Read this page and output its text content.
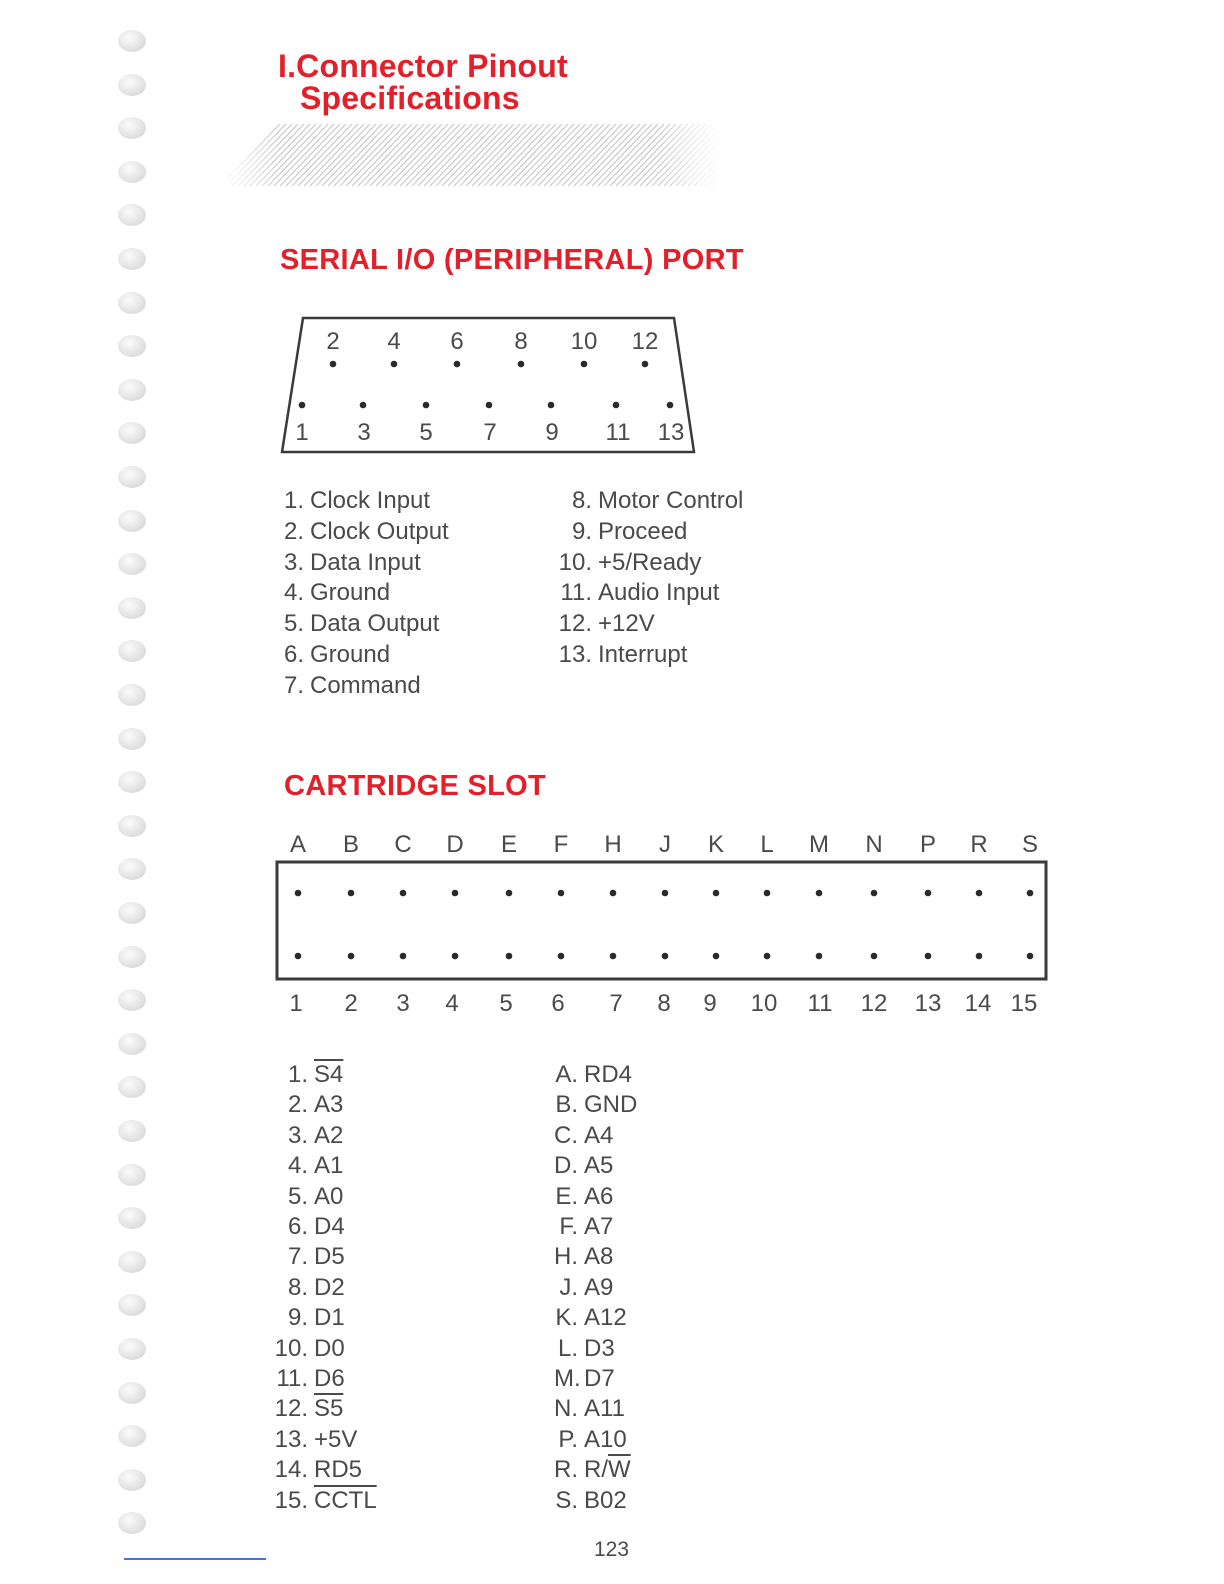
I.Connector Pinout
Specifications
SERIAL I/O (PERIPHERAL) PORT
2 4 6 8 10 12
1 3 5 7 9 11 13
1. Clock Input
2. Clock Output
3. Data Input
4. Ground
5. Data Output
6. Ground
7. Command
8. Motor Control
9. Proceed
10. +5/Ready
11. Audio Input
12. +12V
13. Interrupt
CARTRIDGE SLOT
A B C D E F H J K L M N P R S
1 2 3 4 5 6 7 8 9 10 11 12 13 14 15
1. S4
2. A3
3. A2
4. A1
5. A0
6. D4
7. D5
8. D2
9. D1
10. D0
11. D6
12. S5
13. +5V
14. RD5
15. CCTL
A. RD4
B. GND
C. A4
D. A5
E. A6
F. A7
H. A8
J. A9
K. A12
L. D3
M. D7
N. A11
P. A10
R. $R/\overline{W}$
S. B02
123
